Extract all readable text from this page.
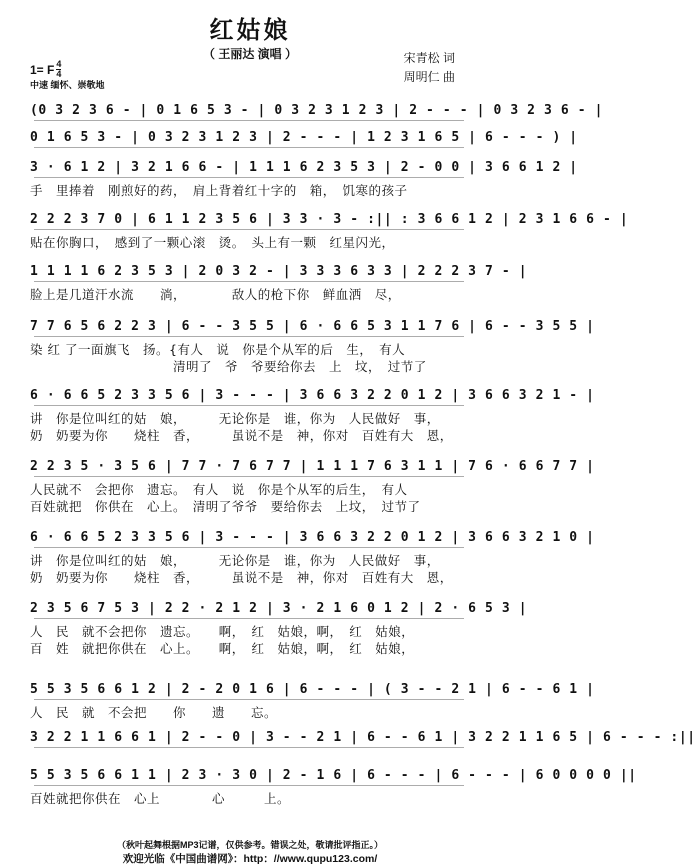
红姑娘
（ 王丽达 演唱 ）	宋青松 词
周明仁 曲
1= F $\frac{4}{4}$
中速 缅怀、崇敬地
(0 3 2 3 6 - | 0 1 6 5 3 - | 0 3 2 3 1 2 3 | 2 - - - | 0 3 2 3 6 - |
0 1 6 5 3 - | 0 3 2 3 1 2 3 | 2 - - - | 1 2 3 1 6 5 | 6 - - - ) |
3 · 6 1 2 | 3 2 1 6 6 - | 1 1 1 6 2 3 5 3 | 2 - 0 0 | 3 6 6 1 2 |
手　里捧着　刚煎好的药，　肩上背着红十字的　箱，　饥寒的孩子
2 2 2 3 7 0 | 6 1 1 2 3 5 6 | 3 3 · 3 - :|| : 3 6 6 1 2 | 2 3 1 6 6 - |
贴在你胸口，　感到了一颗心滚　烫。　头上有一颗　红星闪光，
1 1 1 1 6 2 3 5 3 | 2 0 3 2 - | 3 3 3 6 3 3 | 2 2 2 3 7 - |
脸上是几道汗水流　　淌，　　　　敌人的枪下你　鲜血洒　尽，
7 7 6 5 6 2 2 3 | 6 - - 3 5 5 | 6 · 6 6 5 3 1 1 7 6 | 6 - - 3 5 5 |
染 红 了一面旗飞　扬。{有人　说　你是个从军的后　生，　有人
　　　　　　　　　　　清明了　爷　爷要给你去　上　坟，　过节了
6 · 6 6 5 2 3 3 5 6 | 3 - - - | 3 6 6 3 2 2 0 1 2 | 3 6 6 3 2 1 - |
讲　你是位叫红的姑　娘，　　　无论你是　谁，你为　人民做好　事，
奶　奶要为你　　烧柱　香，　　　虽说不是　神，你对　百姓有大　恩，
2 2 3 5 · 3 5 6 | 7 7 · 7 6 7 7 | 1 1 1 7 6 3 1 1 | 7 6 · 6 6 7 7 |
人民就不　会把你　遗忘。　有人　说　你是个从军的后生，　有人
百姓就把　你供在　心上。　清明了爷爷　要给你去　上坟，　过节了
6 · 6 6 5 2 3 3 5 6 | 3 - - - | 3 6 6 3 2 2 0 1 2 | 3 6 6 3 2 1 0 |
讲　你是位叫红的姑　娘，　　　无论你是　谁，你为　人民做好　事，
奶　奶要为你　　烧柱　香，　　　虽说不是　神，你对　百姓有大　恩，
2 3 5 6 7 5 3 | 2 2 · 2 1 2 | 3 · 2 1 6 0 1 2 | 2 · 6 5 3 |
人　民　就不会把你　遗忘。　　啊，　红　姑娘，啊，　红　姑娘，
百　姓　就把你供在　心上。　　啊，　红　姑娘，啊，　红　姑娘，
5 5 3 5 6 6 1 2 | 2 - 2 0 1 6 | 6 - - - | ( 3 - - 2 1 | 6 - - 6 1 |
人　民　就　不会把　　你　　遗　　忘。
3 2 2 1 1 6 6 1 | 2 - - 0 | 3 - - 2 1 | 6 - - 6 1 | 3 2 2 1 1 6 5 | 6 - - - :||
5 5 3 5 6 6 1 1 | 2 3 · 3 0 | 2 - 1 6 | 6 - - - | 6 - - - | 6 0 0 0 0 ||
百姓就把你供在　心上　　　　心　　　上。
（秋叶起舞根据MP3记谱，仅供参考。错误之处，敬请批评指正。）
欢迎光临《中国曲谱网》：http：//www.qupu123.com/
